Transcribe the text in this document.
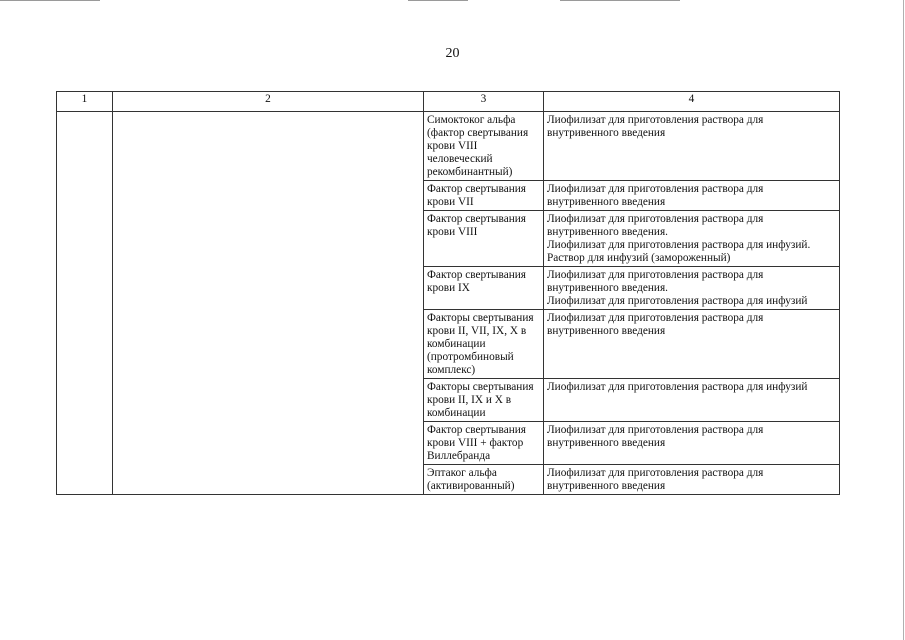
20
1	2	3	4
		Симоктоког альфа (фактор свертывания крови VIII человеческий рекомбинантный)	Лиофилизат для приготовления раствора для внутривенного введения

		Фактор свертывания крови VII	Лиофилизат для приготовления раствора для внутривенного введения

		Фактор свертывания крови VIII	Лиофилизат для приготовления раствора для внутривенного введения.
Лиофилизат для приготовления раствора для инфузий.
Раствор для инфузий (замороженный)

		Фактор свертывания крови IX	Лиофилизат для приготовления раствора для внутривенного введения.
Лиофилизат для приготовления раствора для инфузий

		Факторы свертывания крови II, VII, IX, X в комбинации (протромбиновый комплекс)	Лиофилизат для приготовления раствора для внутривенного введения

		Факторы свертывания крови II, IX и X в комбинации	Лиофилизат для приготовления раствора для инфузий

		Фактор свертывания крови VIII + фактор Виллебранда	Лиофилизат для приготовления раствора для внутривенного введения

		Эптаког альфа (активированный)	Лиофилизат для приготовления раствора для внутривенного введения
